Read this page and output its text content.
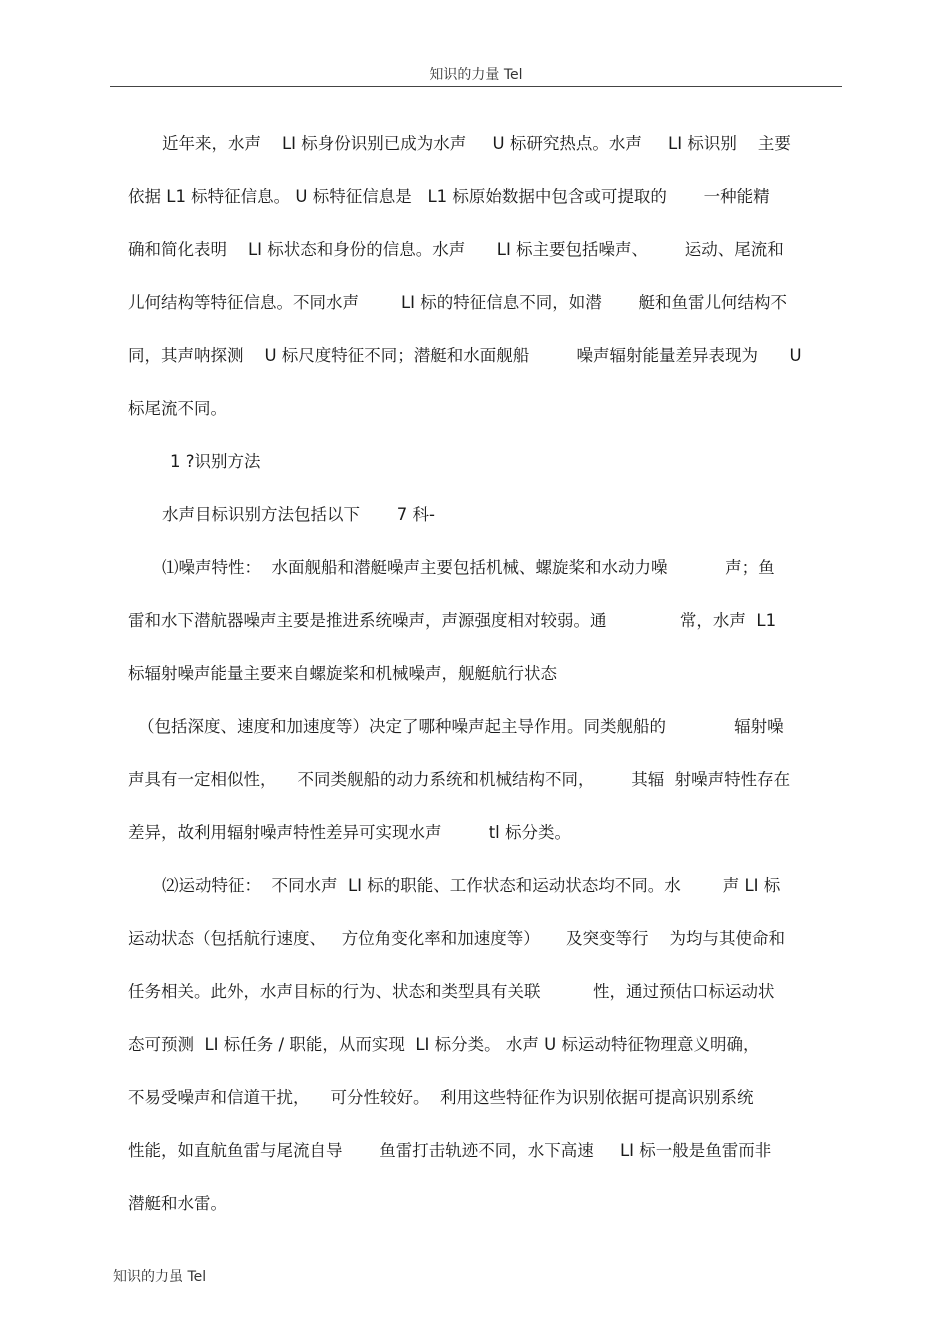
知识的力量 Tel
近年来，水声    LI 标身份识别已成为水声     U 标研究热点。水声     LI 标识别    主要
依据 L1 标特征信息。 U 标特征信息是   L1 标原始数据中包含或可提取的       一种能精
确和简化表明    LI 标状态和身份的信息。水声      LI 标主要包括噪声、       运动、尾流和
儿何结构等特征信息。不同水声        LI 标的特征信息不同，如潜       艇和鱼雷儿何结构不
同，其声呐探测    U 标尺度特征不同；潜艇和水面舰船         噪声辐射能量差异表现为      U
标尾流不同。
1 ?识别方法
水声目标识别方法包括以下       7 科-
⑴噪声特性：  水面舰船和潜艇噪声主要包括机械、螺旋桨和水动力噪           声；鱼
雷和水下潜航器噪声主要是推进系统噪声，声源强度相对较弱。通              常，水声  L1
标辐射噪声能量主要来自螺旋桨和机械噪声，舰艇航行状态
（包括深度、速度和加速度等）决定了哪种噪声起主导作用。同类舰船的             辐射噪
声具有一定相似性，    不同类舰船的动力系统和机械结构不同，       其辐  射噪声特性存在
差异，故利用辐射噪声特性差异可实现水声         tl 标分类。
⑵运动特征：  不同水声  LI 标的职能、工作状态和运动状态均不同。水        声 LI 标
运动状态（包括航行速度、   方位角变化率和加速度等）     及突变等行    为均与其使命和
任务相关。此外，水声目标的行为、状态和类型具有关联          性，通过预估口标运动状
态可预测  LI 标任务 / 职能，从而实现  LI 标分类。 水声 U 标运动特征物理意义明确，
不易受噪声和信道干扰，    可分性较好。  利用这些特征作为识别依据可提高识别系统
性能，如直航鱼雷与尾流自导       鱼雷打击轨迹不同，水下高速     LI 标一般是鱼雷而非
潜艇和水雷。
知识的力虽 Tel
